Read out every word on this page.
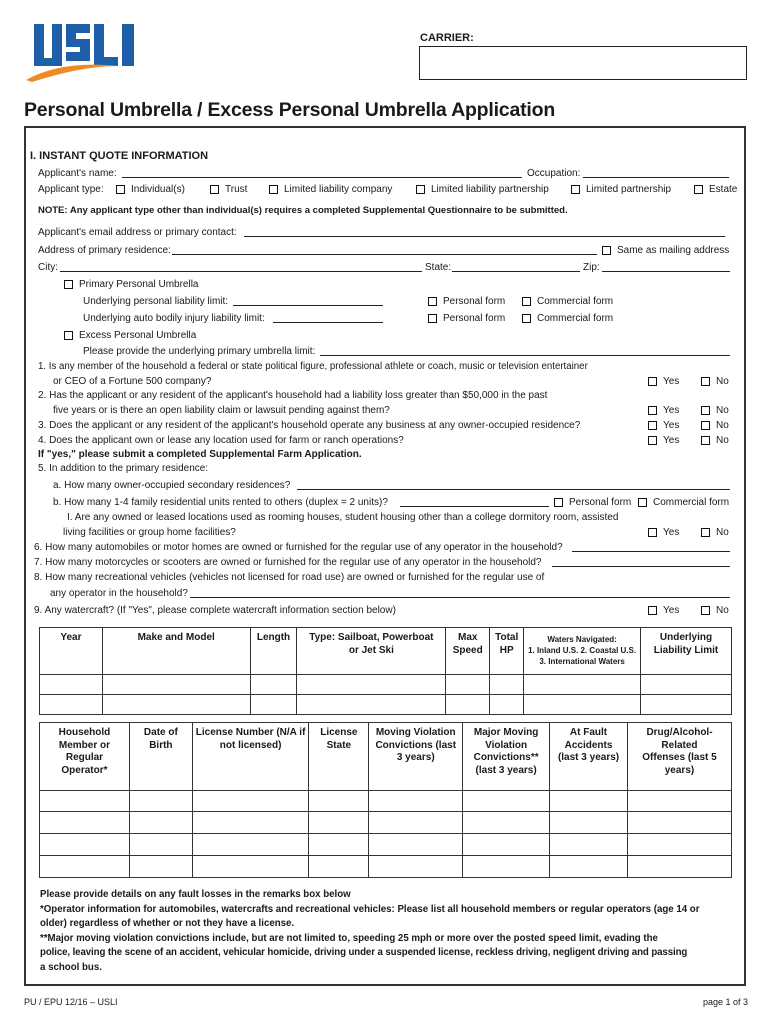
CARRIER:
Personal Umbrella / Excess Personal Umbrella Application
I. INSTANT QUOTE INFORMATION
Applicant's name:	Occupation:
Applicant type:	Individual(s)	Trust	Limited liability company	Limited liability partnership	Limited partnership	Estate
NOTE: Any applicant type other than individual(s) requires a completed Supplemental Questionnaire to be submitted.
Applicant's email address or primary contact:
Address of primary residence:	Same as mailing address
City:	State:	Zip:
Primary Personal Umbrella
Underlying personal liability limit:	Personal form	Commercial form
Underlying auto bodily injury liability limit:	Personal form	Commercial form
Excess Personal Umbrella
Please provide the underlying primary umbrella limit:
1. Is any member of the household a federal or state political figure, professional athlete or coach, music or television entertainer
or CEO of a Fortune 500 company?	Yes	No
2. Has the applicant or any resident of the applicant's household had a liability loss greater than $50,000 in the past
five years or is there an open liability claim or lawsuit pending against them?	Yes	No
3. Does the applicant or any resident of the applicant's household operate any business at any owner-occupied residence?	Yes	No
4. Does the applicant own or lease any location used for farm or ranch operations?	Yes	No
If "yes," please submit a completed Supplemental Farm Application.
5. In addition to the primary residence:
a. How many owner-occupied secondary residences?
b. How many 1-4 family residential units rented to others (duplex = 2 units)?	Personal form Commercial form
I. Are any owned or leased locations used as rooming houses, student housing other than a college dormitory room, assisted
living facilities or group home facilities?	Yes	No
6. How many automobiles or motor homes are owned or furnished for the regular use of any operator in the household?
7. How many motorcycles or scooters are owned or furnished for the regular use of any operator in the household?
8. How many recreational vehicles (vehicles not licensed for road use) are owned or furnished for the regular use of
any operator in the household?
9. Any watercraft? (If "Yes", please complete watercraft information section below)	Yes	No
Year	Make and Model	Length	Type: Sailboat, Powerboat or Jet Ski	Max Speed	Total HP	Waters Navigated:
1. Inland U.S. 2. Coastal U.S.
3. International Waters	Underlying Liability Limit

Household Member or Regular Operator*	Date of Birth	License Number (N/A if not licensed)	License State	Moving Violation Convictions (last 3 years)	Major Moving Violation Convictions** (last 3 years)	At Fault Accidents (last 3 years)	Drug/Alcohol-Related Offenses (last 5 years)

Please provide details on any fault losses in the remarks box below
*Operator information for automobiles, watercrafts and recreational vehicles: Please list all household members or regular operators (age 14 or
older) regardless of whether or not they have a license.
**Major moving violation convictions include, but are not limited to, speeding 25 mph or more over the posted speed limit, evading the
police, leaving the scene of an accident, vehicular homicide, driving under a suspended license, reckless driving, negligent driving and passing
a school bus.
PU / EPU 12/16 – USLI	page 1 of 3
